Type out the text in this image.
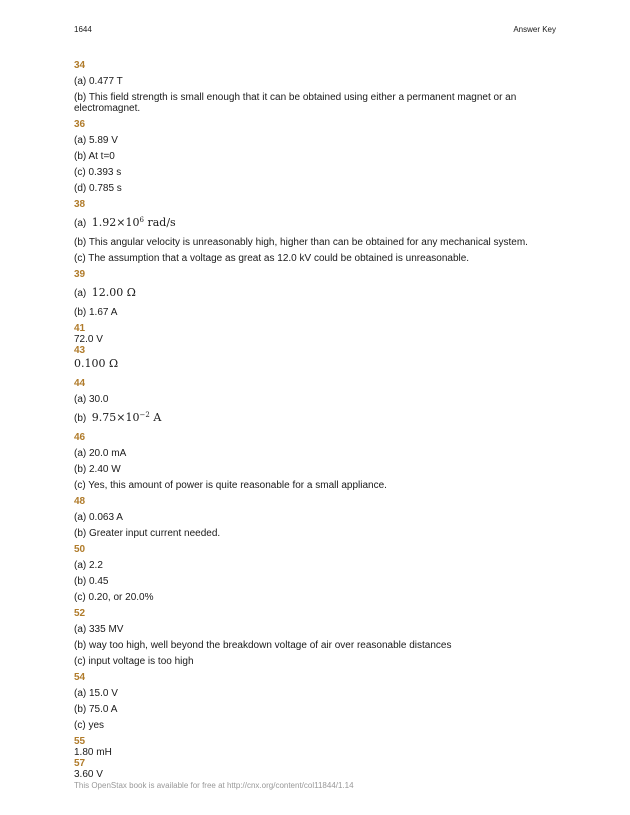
1644	Answer Key
34
(a) 0.477 T
(b) This field strength is small enough that it can be obtained using either a permanent magnet or an electromagnet.
36
(a) 5.89 V
(b) At t=0
(c) 0.393 s
(d) 0.785 s
38
(a) $1.92\times 10^6$ rad/s
(b) This angular velocity is unreasonably high, higher than can be obtained for any mechanical system.
(c) The assumption that a voltage as great as 12.0 kV could be obtained is unreasonable.
39
(a) 12.00 Ω
(b) 1.67 A
41
72.0 V
43
0.100 Ω
44
(a) 30.0
(b) $9.75\times 10^{-2}$ A
46
(a) 20.0 mA
(b) 2.40 W
(c) Yes, this amount of power is quite reasonable for a small appliance.
48
(a) 0.063 A
(b) Greater input current needed.
50
(a) 2.2
(b) 0.45
(c) 0.20, or 20.0%
52
(a) 335 MV
(b) way too high, well beyond the breakdown voltage of air over reasonable distances
(c) input voltage is too high
54
(a) 15.0 V
(b) 75.0 A
(c) yes
55
1.80 mH
57
3.60 V
This OpenStax book is available for free at http://cnx.org/content/col11844/1.14
